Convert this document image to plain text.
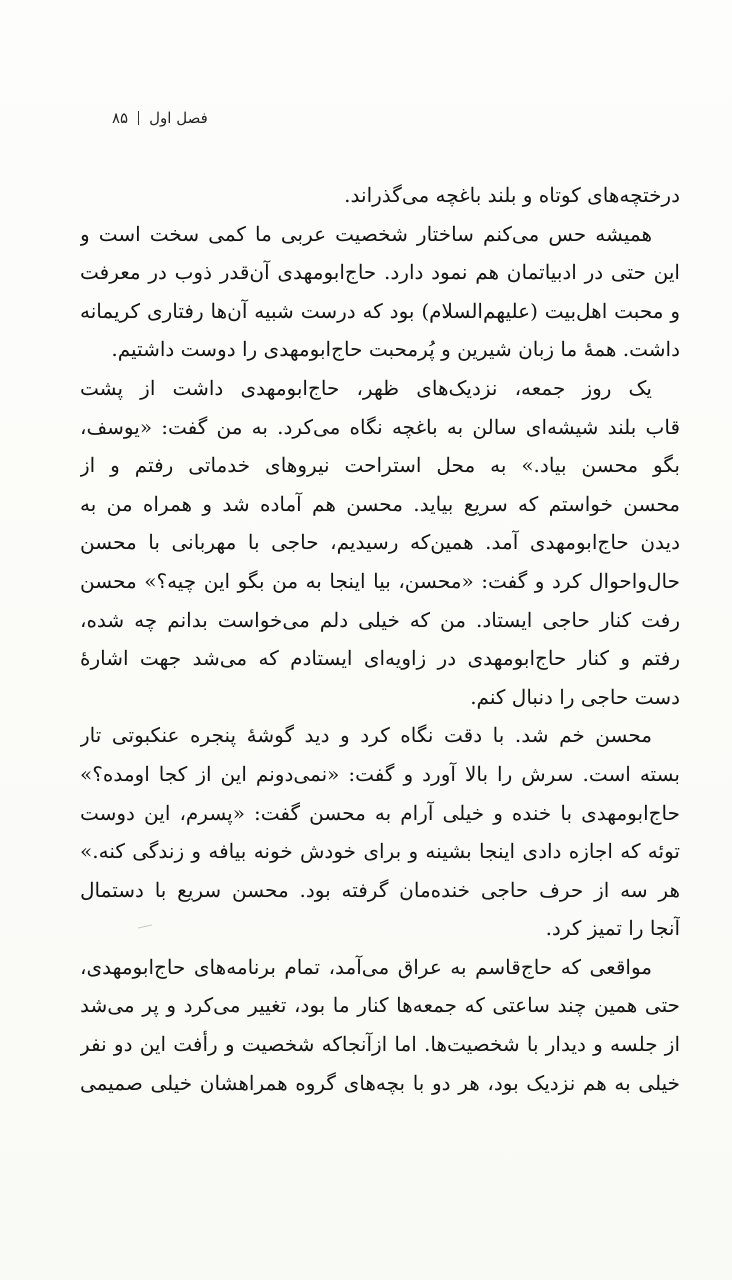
فصل اول۸۵
درختچه‌های کوتاه و بلند باغچه می‌گذراند.
همیشه حس می‌کنم ساختار شخصیت عربی ما کمی سخت است و
این حتی در ادبیاتمان هم نمود دارد. حاج‌ابومهدی آن‌قدر ذوب در معرفت
و محبت اهل‌بیت (علیهم‌السلام) بود که درست شبیه آن‌ها رفتاری کریمانه
داشت. همهٔ ما زبان شیرین و پُرمحبت حاج‌ابومهدی را دوست داشتیم.
یک روز جمعه، نزدیک‌های ظهر، حاج‌ابومهدی داشت از پشت
قاب بلند شیشه‌ای سالن به باغچه نگاه می‌کرد. به من گفت: «یوسف،
بگو محسن بیاد.» به محل استراحت نیروهای خدماتی رفتم و از
محسن خواستم که سریع بیاید. محسن هم آماده شد و همراه من به
دیدن حاج‌ابومهدی آمد. همین‌که رسیدیم، حاجی با مهربانی با محسن
حال‌واحوال کرد و گفت: «محسن، بیا اینجا به من بگو این چیه؟» محسن
رفت کنار حاجی ایستاد. من که خیلی دلم می‌خواست بدانم چه شده،
رفتم و کنار حاج‌ابومهدی در زاویه‌ای ایستادم که می‌شد جهت اشارهٔ
دست حاجی را دنبال کنم.
محسن خم شد. با دقت نگاه کرد و دید گوشهٔ پنجره عنکبوتی تار
بسته است. سرش را بالا آورد و گفت: «نمی‌دونم این از کجا اومده؟»
حاج‌ابومهدی با خنده و خیلی آرام به محسن گفت: «پسرم، این دوست
توئه که اجازه دادی اینجا بشینه و برای خودش خونه بیافه و زندگی کنه.»
هر سه از حرف حاجی خنده‌مان گرفته بود. محسن سریع با دستمال
آنجا را تمیز کرد.
مواقعی که حاج‌قاسم به عراق می‌آمد، تمام برنامه‌های حاج‌ابومهدی،
حتی همین چند ساعتی که جمعه‌ها کنار ما بود، تغییر می‌کرد و پر می‌شد
از جلسه و دیدار با شخصیت‌ها. اما ازآنجاکه شخصیت و رأفت این دو نفر
خیلی به هم نزدیک بود، هر دو با بچه‌های گروه همراهشان خیلی صمیمی
